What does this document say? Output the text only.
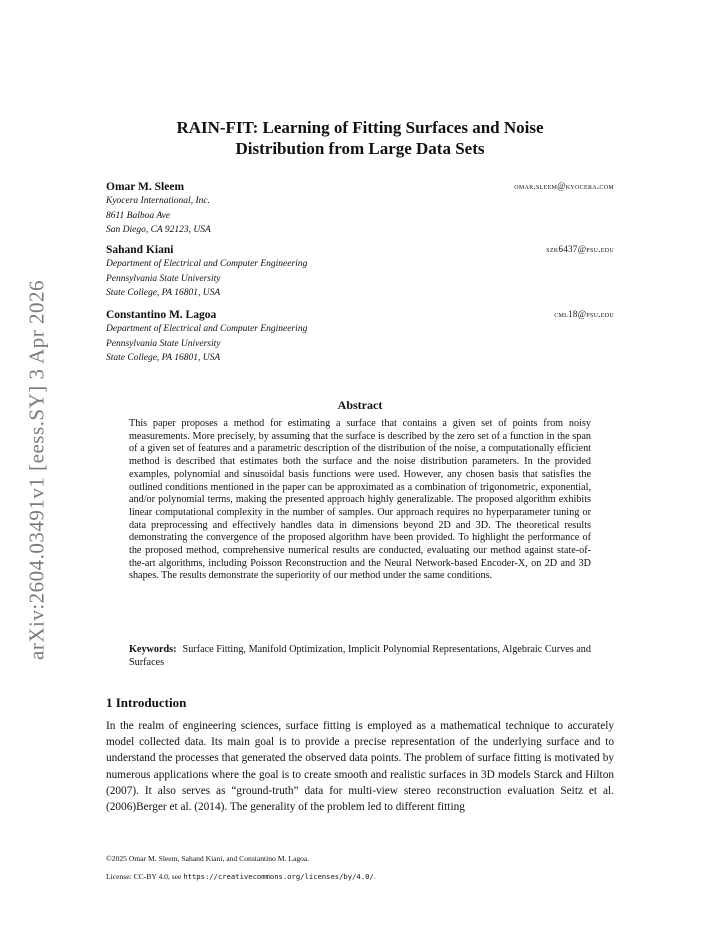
arXiv:2604.03491v1 [eess.SY] 3 Apr 2026
RAIN-FIT: Learning of Fitting Surfaces and Noise
Distribution from Large Data Sets
Omar M. Sleem	omar.sleem@kyocera.com
Kyocera International, Inc.
8611 Balboa Ave
San Diego, CA 92123, USA
Sahand Kiani	szk6437@psu.edu
Department of Electrical and Computer Engineering
Pennsylvania State University
State College, PA 16801, USA
Constantino M. Lagoa	cml18@psu.edu
Department of Electrical and Computer Engineering
Pennsylvania State University
State College, PA 16801, USA
Abstract
This paper proposes a method for estimating a surface that contains a given set of points from noisy measurements. More precisely, by assuming that the surface is described by the zero set of a function in the span of a given set of features and a parametric description of the distribution of the noise, a computationally efficient method is described that estimates both the surface and the noise distribution parameters. In the provided examples, polynomial and sinusoidal basis functions were used. However, any chosen basis that satisfies the outlined conditions mentioned in the paper can be approximated as a combination of trigonometric, exponential, and/or polynomial terms, making the presented approach highly generalizable. The proposed algorithm exhibits linear computational complexity in the number of samples. Our approach requires no hyperparameter tuning or data preprocessing and effectively handles data in dimensions beyond 2D and 3D. The theoretical results demonstrating the convergence of the proposed algorithm have been provided. To highlight the performance of the proposed method, comprehensive numerical results are conducted, evaluating our method against state-of-the-art algorithms, including Poisson Reconstruction and the Neural Network-based Encoder-X, on 2D and 3D shapes. The results demonstrate the superiority of our method under the same conditions.
Keywords: Surface Fitting, Manifold Optimization, Implicit Polynomial Representations, Algebraic Curves and Surfaces
1 Introduction
In the realm of engineering sciences, surface fitting is employed as a mathematical technique to accurately model collected data. Its main goal is to provide a precise representation of the underlying surface and to understand the processes that generated the observed data points. The problem of surface fitting is motivated by numerous applications where the goal is to create smooth and realistic surfaces in 3D models Starck and Hilton (2007). It also serves as “ground-truth” data for multi-view stereo reconstruction evaluation Seitz et al. (2006)Berger et al. (2014). The generality of the problem led to different fitting
©2025 Omar M. Sleem, Sahand Kiani, and Constantino M. Lagoa.
License: CC-BY 4.0, see https://creativecommons.org/licenses/by/4.0/.
